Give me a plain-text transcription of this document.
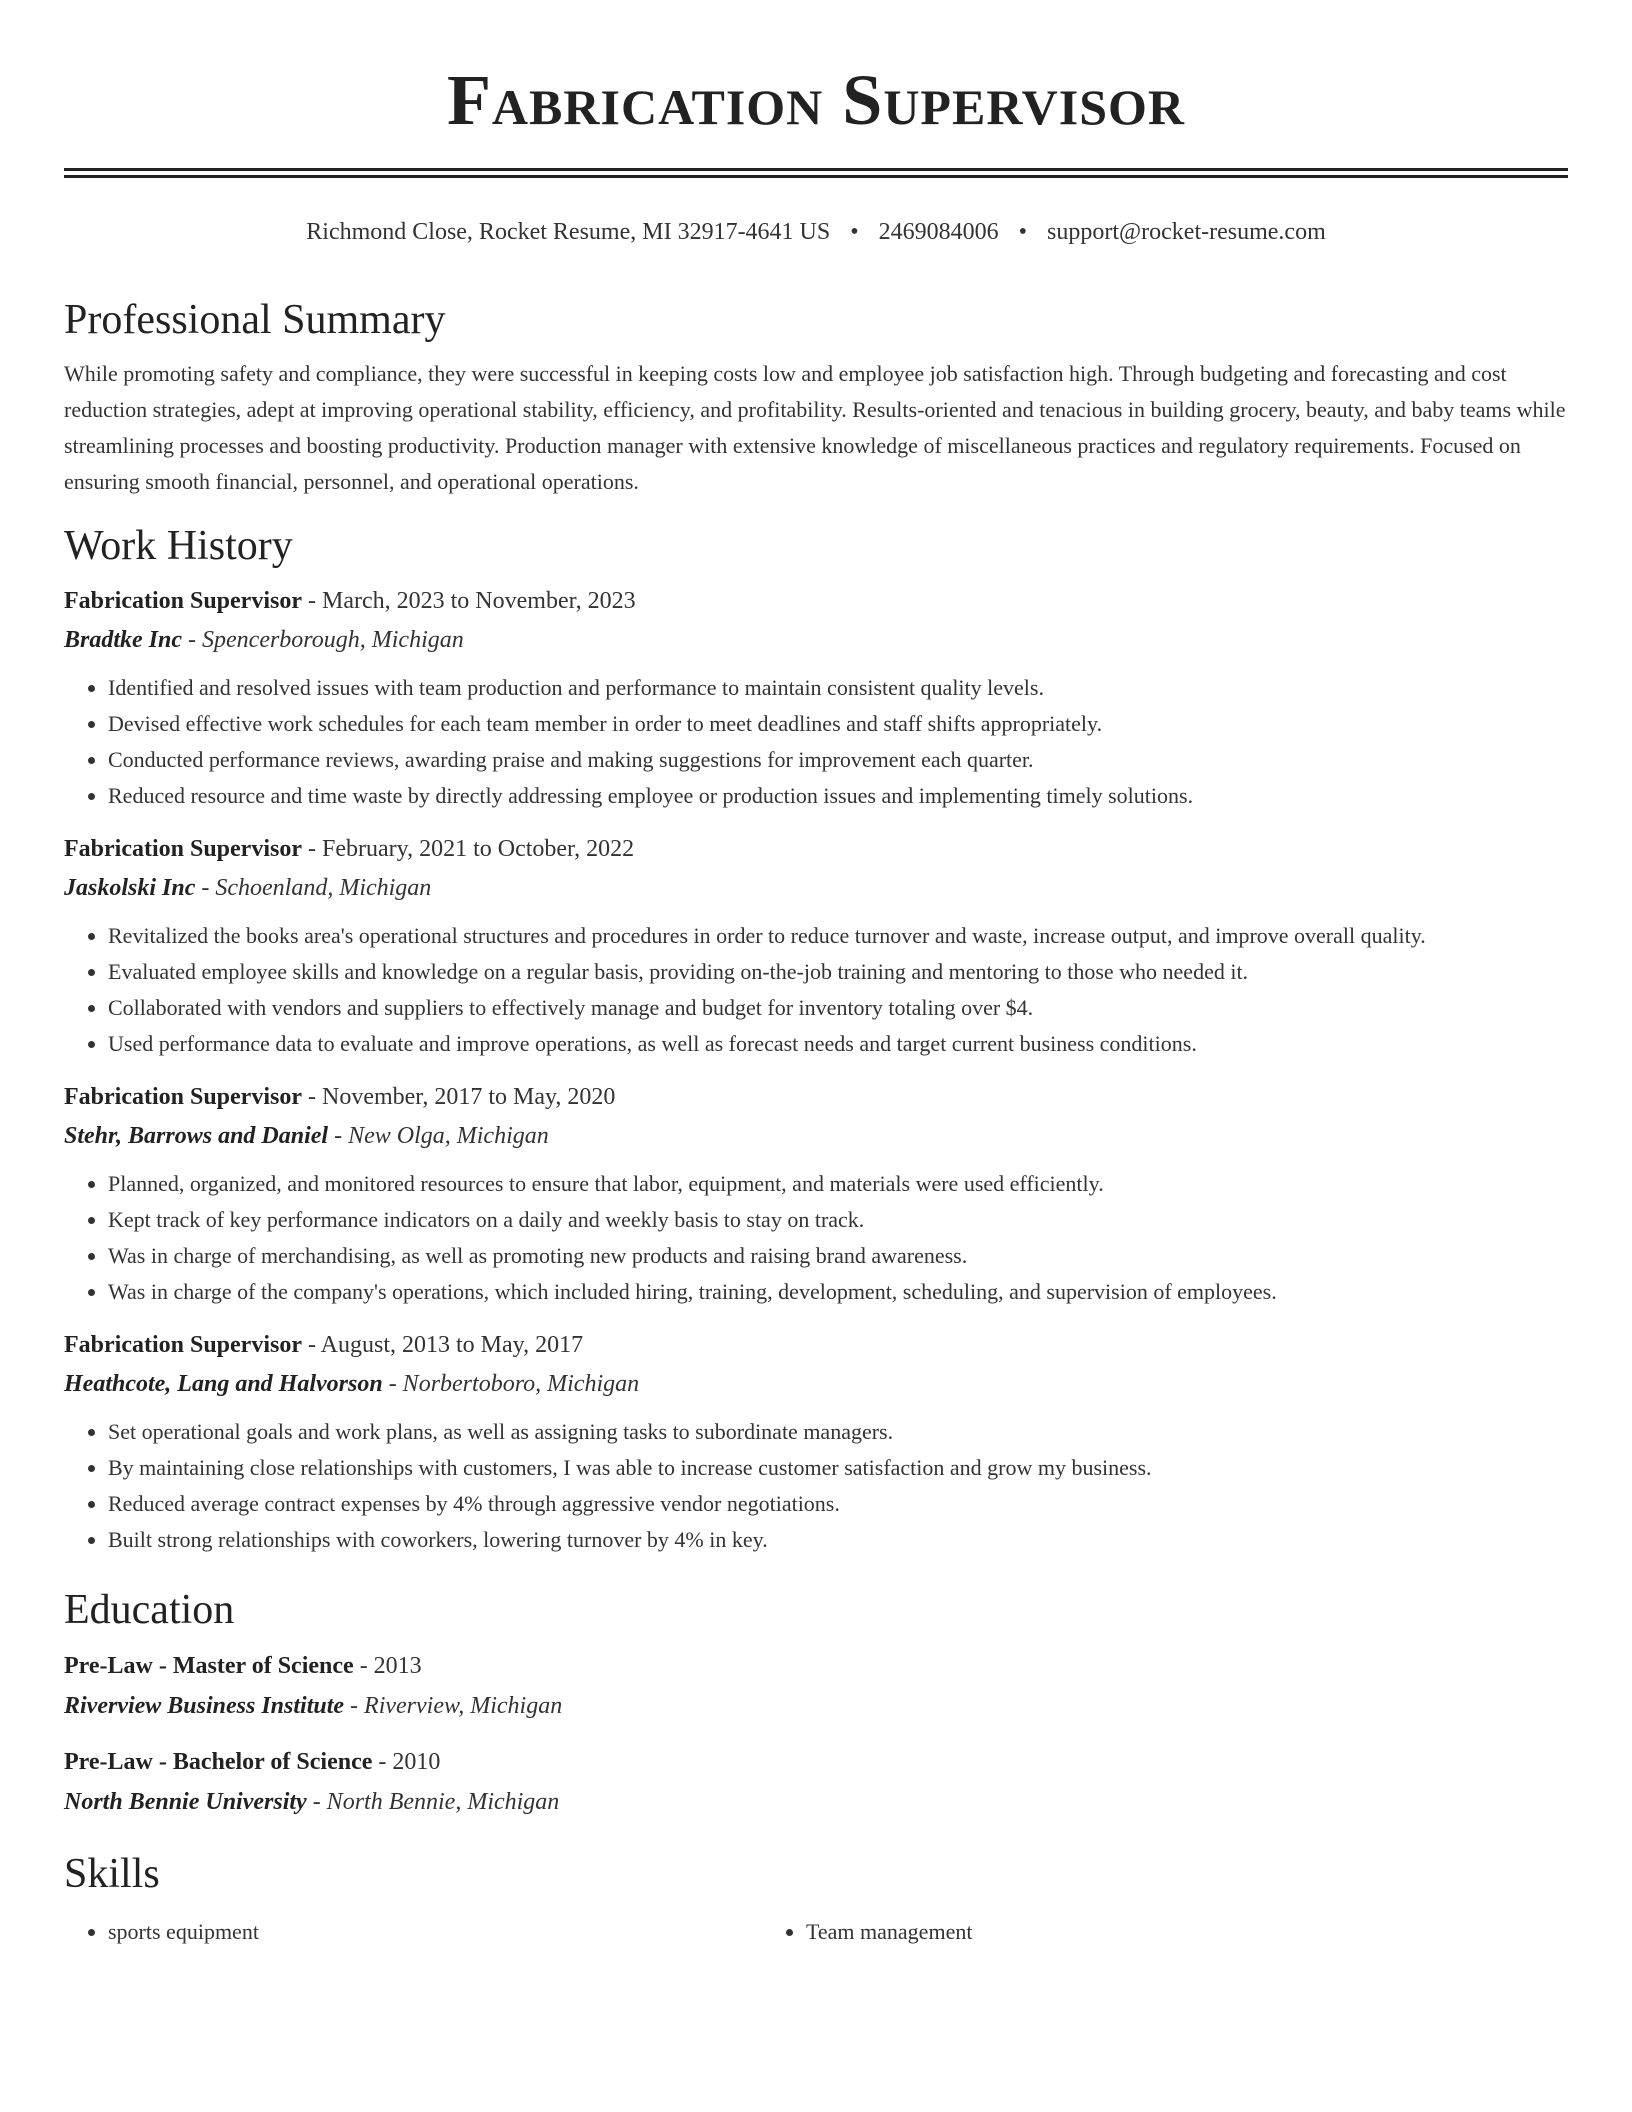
Fabrication Supervisor
Richmond Close, Rocket Resume, MI 32917-4641 US • 2469084006 • support@rocket-resume.com
Professional Summary

While promoting safety and compliance, they were successful in keeping costs low and employee job satisfaction high. Through budgeting and forecasting and cost reduction strategies, adept at improving operational stability, efficiency, and profitability. Results-oriented and tenacious in building grocery, beauty, and baby teams while streamlining processes and boosting productivity. Production manager with extensive knowledge of miscellaneous practices and regulatory requirements. Focused on ensuring smooth financial, personnel, and operational operations.

Work History
Fabrication Supervisor - March, 2023 to November, 2023
Bradtke Inc - Spencerborough, Michigan
• Identified and resolved issues with team production and performance to maintain consistent quality levels.
• Devised effective work schedules for each team member in order to meet deadlines and staff shifts appropriately.
• Conducted performance reviews, awarding praise and making suggestions for improvement each quarter.
• Reduced resource and time waste by directly addressing employee or production issues and implementing timely solutions.
Fabrication Supervisor - February, 2021 to October, 2022
Jaskolski Inc - Schoenland, Michigan
• Revitalized the books area's operational structures and procedures in order to reduce turnover and waste, increase output, and improve overall quality.
• Evaluated employee skills and knowledge on a regular basis, providing on-the-job training and mentoring to those who needed it.
• Collaborated with vendors and suppliers to effectively manage and budget for inventory totaling over $4.
• Used performance data to evaluate and improve operations, as well as forecast needs and target current business conditions.
Fabrication Supervisor - November, 2017 to May, 2020
Stehr, Barrows and Daniel - New Olga, Michigan
• Planned, organized, and monitored resources to ensure that labor, equipment, and materials were used efficiently.
• Kept track of key performance indicators on a daily and weekly basis to stay on track.
• Was in charge of merchandising, as well as promoting new products and raising brand awareness.
• Was in charge of the company's operations, which included hiring, training, development, scheduling, and supervision of employees.
Fabrication Supervisor - August, 2013 to May, 2017
Heathcote, Lang and Halvorson - Norbertoboro, Michigan
• Set operational goals and work plans, as well as assigning tasks to subordinate managers.
• By maintaining close relationships with customers, I was able to increase customer satisfaction and grow my business.
• Reduced average contract expenses by 4% through aggressive vendor negotiations.
• Built strong relationships with coworkers, lowering turnover by 4% in key.
Education
Pre-Law - Master of Science - 2013
Riverview Business Institute - Riverview, Michigan
Pre-Law - Bachelor of Science - 2010
North Bennie University - North Bennie, Michigan
Skills
• sports equipment
•	Team management
